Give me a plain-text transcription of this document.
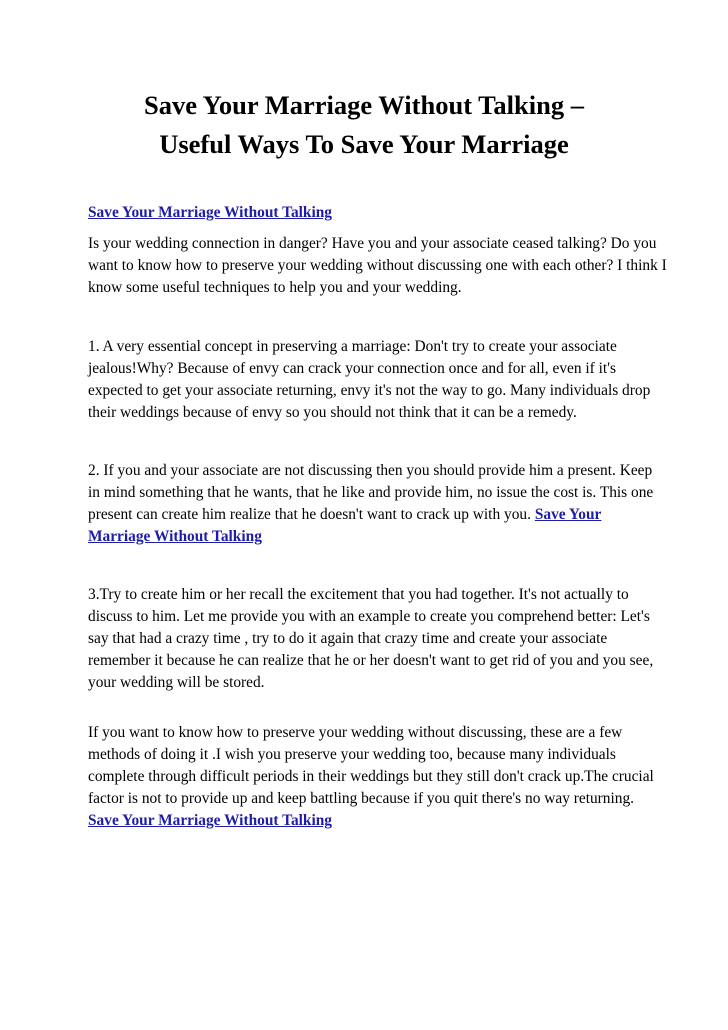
Save Your Marriage Without Talking –
Useful Ways To Save Your Marriage

Save Your Marriage Without Talking

Is your wedding connection in danger? Have you and your associate ceased talking? Do you
want to know how to preserve your wedding without discussing one with each other? I think I
know some useful techniques to help you and your wedding.

1. A very essential concept in preserving a marriage: Don't try to create your associate
jealous!Why? Because of envy can crack your connection once and for all, even if it's
expected to get your associate returning, envy it's not the way to go. Many individuals drop
their weddings because of envy so you should not think that it can be a remedy.

2. If you and your associate are not discussing then you should provide him a present. Keep
in mind something that he wants, that he like and provide him, no issue the cost is. This one
present can create him realize that he doesn't want to crack up with you. Save Your
Marriage Without Talking

3.Try to create him or her recall the excitement that you had together. It's not actually to
discuss to him. Let me provide you with an example to create you comprehend better: Let's
say that had a crazy time , try to do it again that crazy time and create your associate
remember it because he can realize that he or her doesn't want to get rid of you and you see,
your wedding will be stored.

If you want to know how to preserve your wedding without discussing, these are a few
methods of doing it .I wish you preserve your wedding too, because many individuals
complete through difficult periods in their weddings but they still don't crack up.The crucial
factor is not to provide up and keep battling because if you quit there's no way returning.
Save Your Marriage Without Talking
